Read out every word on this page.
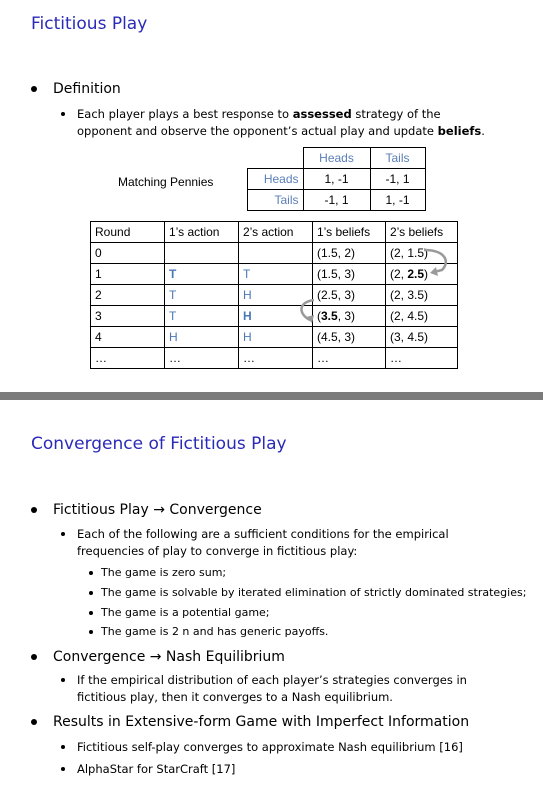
Fictitious Play
Definition
Each player plays a best response to assessed strategy of the
opponent and observe the opponent’s actual play and update beliefs.
Matching Pennies
	Heads	Tails
Heads	1, -1	-1, 1
Tails	-1, 1	1, -1
Round	1’s action	2’s action	1’s beliefs	2’s beliefs
0			(1.5, 2)	(2, 1.5)
1	T	T	(1.5, 3)	(2, 2.5)
2	T	H	(2.5, 3)	(2, 3.5)
3	T	H	(3.5, 3)	(2, 4.5)
4	H	H	(4.5, 3)	(3, 4.5)
…	…	…	…	…
Convergence of Fictitious Play
Fictitious Play → Convergence
Each of the following are a sufficient conditions for the empirical
frequencies of play to converge in fictitious play:
The game is zero sum;
The game is solvable by iterated elimination of strictly dominated strategies;
The game is a potential game;
The game is 2 n and has generic payoffs.
Convergence → Nash Equilibrium
If the empirical distribution of each player’s strategies converges in
fictitious play, then it converges to a Nash equilibrium.
Results in Extensive-form Game with Imperfect Information
Fictitious self-play converges to approximate Nash equilibrium [16]
AlphaStar for StarCraft [17]
